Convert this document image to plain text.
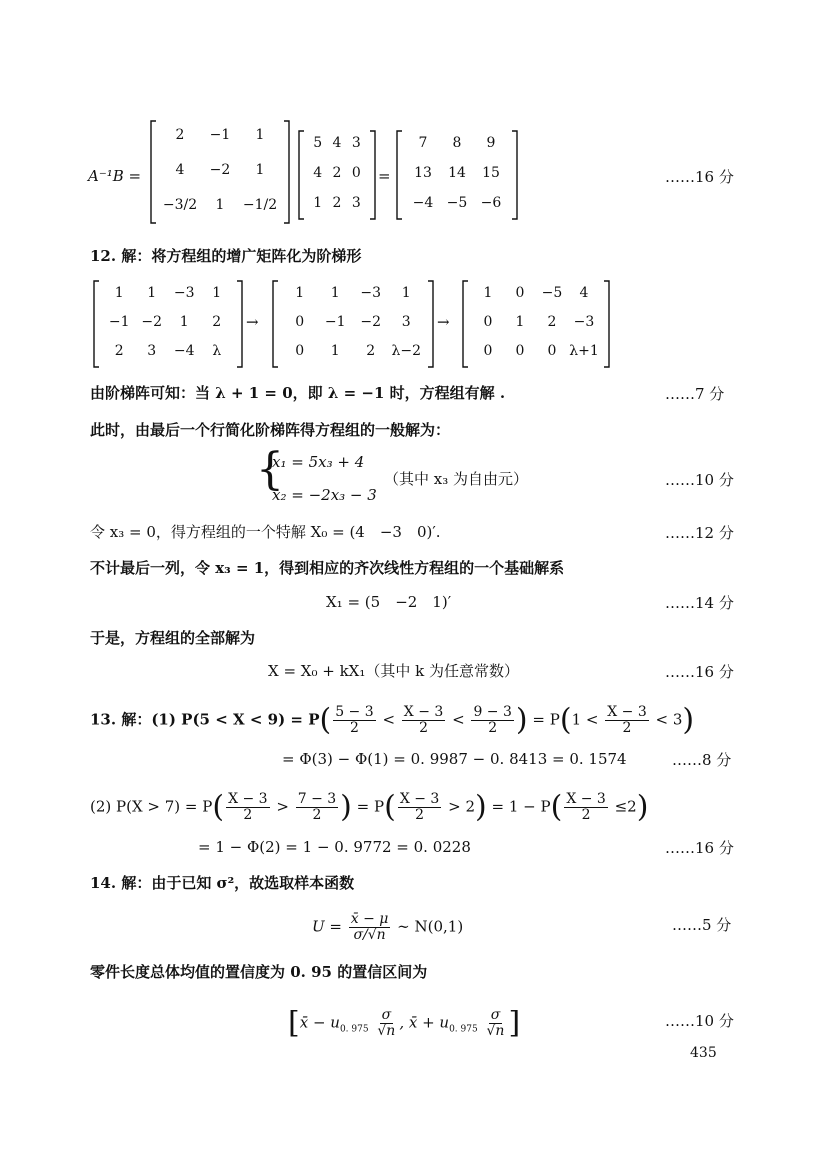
A⁻¹B =
2	−1	1
4	−2	1
−3/2	1	−1/2
5 4 3
4 2 0
1 2 3
=
7	8	9
13	14	15
−4 −5 −6
……16 分
12. 解：将方程组的增广矩阵化为阶梯形
1	1	−3	1
−1 −2	1	2
2	3	−4	λ
→
1	1	−3	1
0	−1	−2	3
0	1	2	λ−2
→
1	0	−5	4
0	1	2	−3
0	0	0 λ+1
由阶梯阵可知：当 λ + 1 = 0，即 λ = −1 时，方程组有解 .	……7 分
此时，由最后一个行简化阶梯阵得方程组的一般解为：
{
x₁ = 5x₃ + 4
x₂ = −2x₃ − 3
（其中 x₃ 为自由元）	……10 分
令 x₃ = 0，得方程组的一个特解 X₀ = (4　−3　0)′.	……12 分
不计最后一列，令 x₃ = 1，得到相应的齐次线性方程组的一个基础解系
X₁ = (5　−2　1)′	……14 分
于是，方程组的全部解为
X = X₀ + kX₁（其中 k 为任意常数）	……16 分
13. 解：(1) $P(5 < X < 9) = P( \frac{5 - 3}{2} < \frac{X - 3}{2} < \frac{9 - 3}{2}$ ) = $P(1 < \frac{X - 3}{2} < 3)$
= Φ(3) − Φ(1) = 0. 9987 − 0. 8413 = 0. 1574	……8 分
(2) $P(X > 7) = P( \frac{X - 3}{2} > \frac{7 - 3}{2}$ ) = $P( \frac{X - 3}{2} > 2) = 1 - P( \frac{X - 3}{2} \le 2)$
= 1 − Φ(2) = 1 − 0. 9772 = 0. 0228	……16 分
14. 解：由于已知 σ²，故选取样本函数
$U = \frac{x̄ - \mu}{\sigma/√n}$ ∼ N(0,1)	……5 分
零件长度总体均值的置信度为 0. 95 的置信区间为
[x̄ − $u_{0. 975} \frac{\sigma}{√n}$ , x̄ + $u_{0. 975} \frac{\sigma}{√n}$ ]	……10 分
435
